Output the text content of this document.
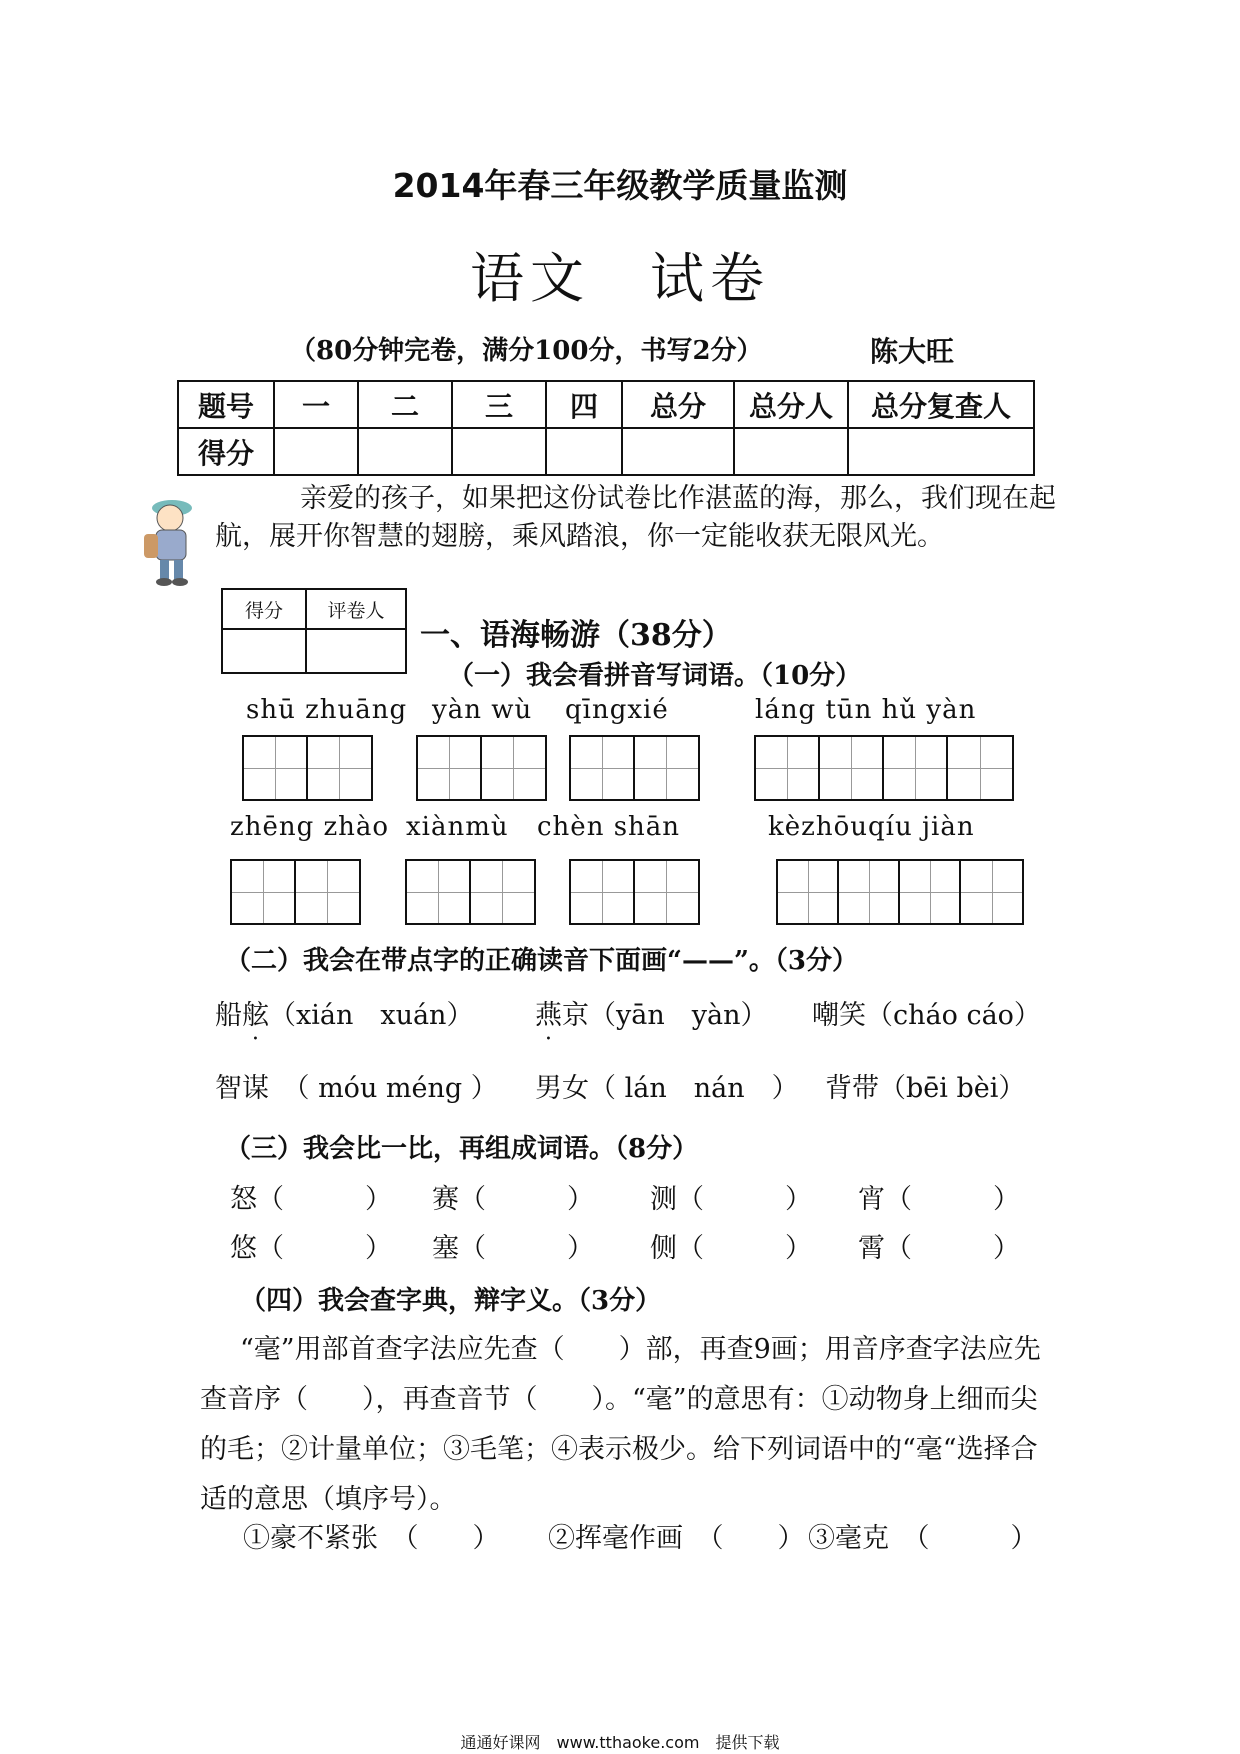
2014年春三年级教学质量监测
语文　试卷
（80分钟完卷，满分100分，书写2分）	陈大旺
题号	一	二	三	四	总分	总分人	总分复查人
得分							
亲爱的孩子，如果把这份试卷比作湛蓝的海，那么，我们现在起航，展开你智慧的翅膀，乘风踏浪，你一定能收获无限风光。
得分	评卷人

一、语海畅游（38分）
（一）我会看拼音写词语。（10分）
shū zhuāng yàn wù qīngxié	láng tūn hǔ yàn
zhēng zhào xiànmù chèn shān	kèzhōuqíu jiàn
（二）我会在带点字的正确读音下面画“——”。（3分）
船舷（xián　xuán） 燕京（yān　yàn） 嘲笑（cháo cáo）
智谋　 （ móu méng ） 男女（ lán　nán　） 背带（bēi bèi）
（三）我会比一比，再组成词语。（8分）
怒（　　　） 赛（　　　） 测（　　　） 宵（　　　）
悠（　　　） 塞（　　　） 侧（　　　） 霄（　　　）
（四）我会查字典，辩字义。（3分）
“毫”用部首查字法应先查（　　）部，再查9画；用音序查字法应先查音序（　　），再查音节（　　）。“毫”的意思有：①动物身上细而尖的毛；②计量单位；③毛笔；④表示极少。给下列词语中的“毫“选择合适的意思（填序号）。
①豪不紧张　（　　） ②挥毫作画　（　　） ③毫克　（　　　）
通通好课网　www.tthaoke.com　提供下载
